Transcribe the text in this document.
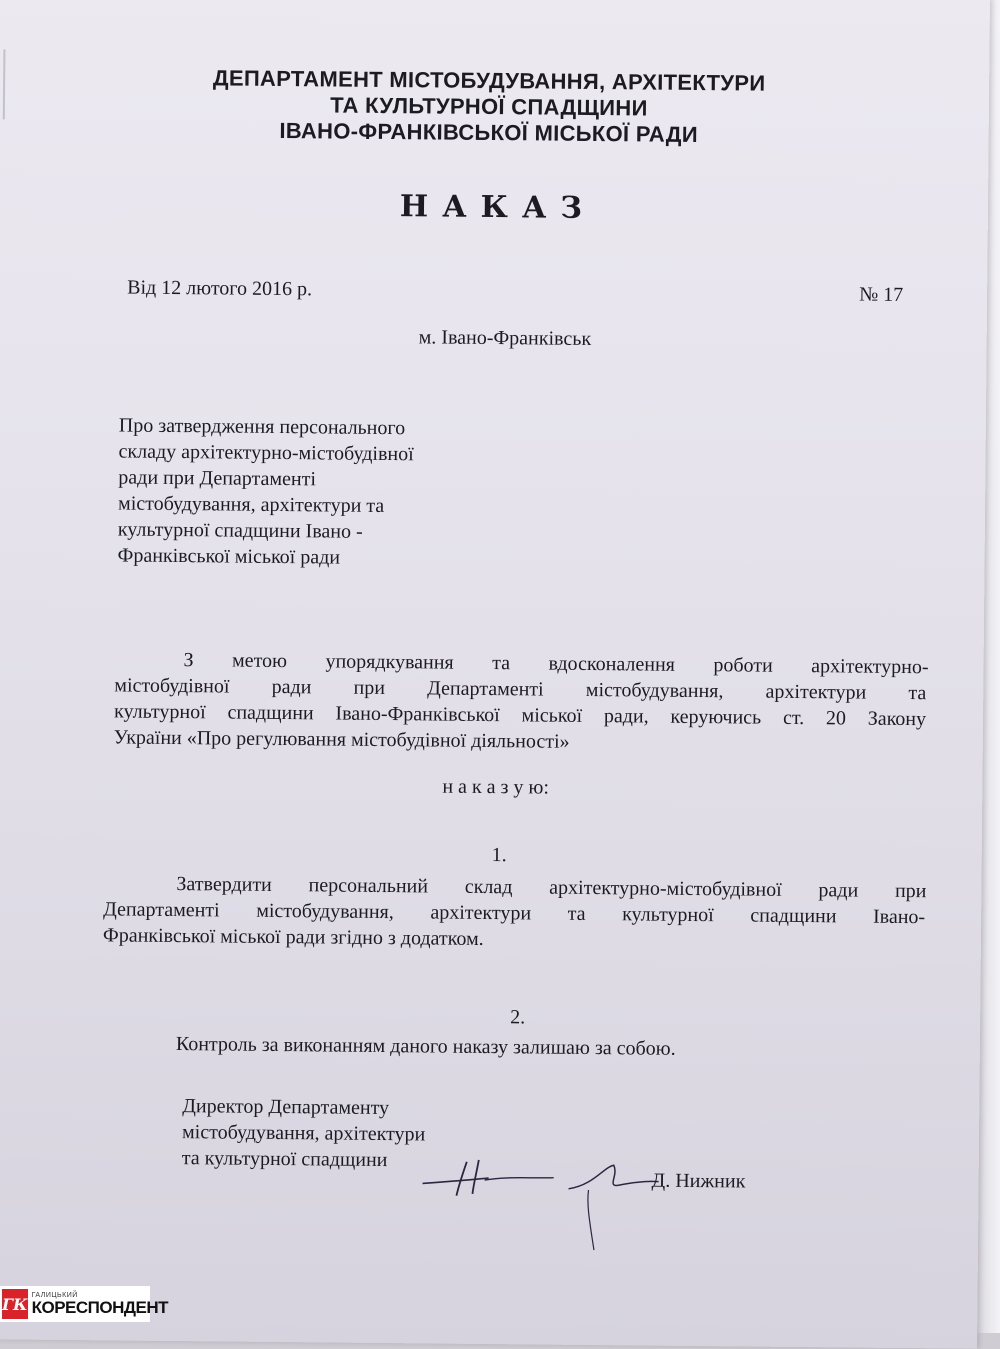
ДЕПАРТАМЕНТ МІСТОБУДУВАННЯ, АРХІТЕКТУРИ
ТА КУЛЬТУРНОЇ СПАДЩИНИ
ІВАНО-ФРАНКІВСЬКОЇ МІСЬКОЇ РАДИ
НАКАЗ
Від 12 лютого 2016 р.	№ 17
м. Івано-Франківськ
Про затвердження персонального
складу архітектурно-містобудівної
ради при Департаменті
містобудування, архітектури та
культурної спадщини Івано -
Франківської міської ради
З метою упорядкування та вдосконалення роботи архітектурно-
містобудівної ради при Департаменті містобудування, архітектури та
культурної спадщини Івано-Франківської міської ради, керуючись ст. 20 Закону
України «Про регулювання містобудівної діяльності»
н а к а з у ю:
1.
Затвердити персональний склад архітектурно-містобудівної ради при
Департаменті містобудування, архітектури та культурної спадщини Івано-
Франківської міської ради згідно з додатком.
2.
Контроль за виконанням даного наказу залишаю за собою.
Директор Департаменту
містобудування, архітектури
та культурної спадщини
Д. Нижник
ГК ГАЛИЦЬКИЙ
КОРЕСПОНДЕНТ
